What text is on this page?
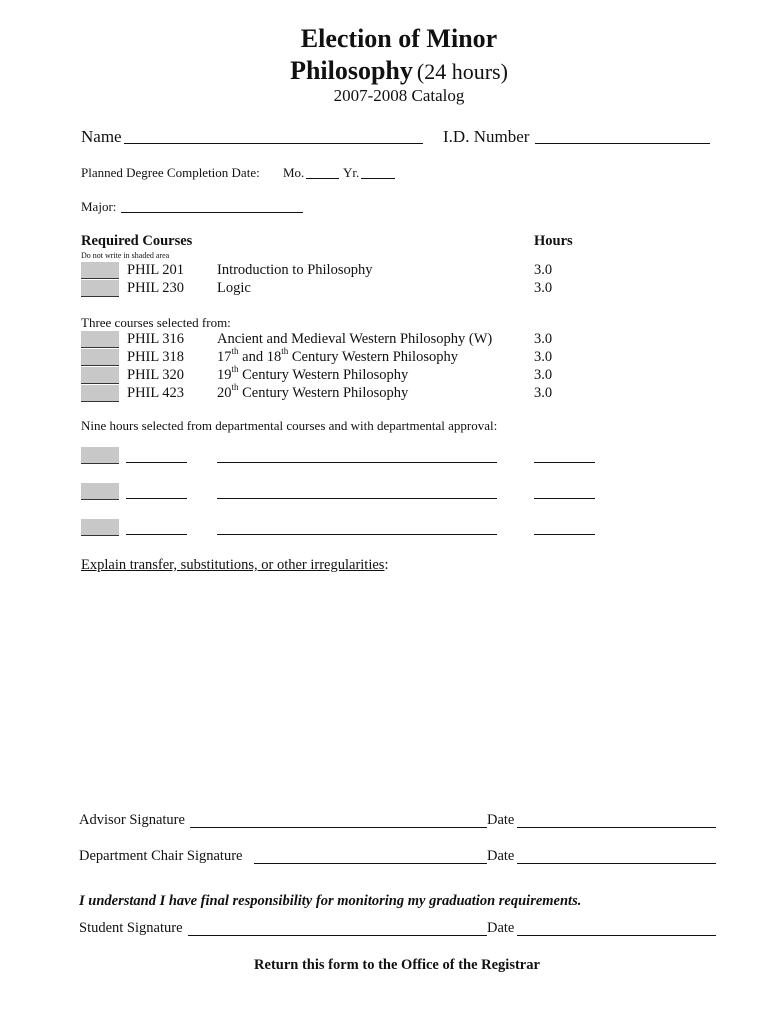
Election of Minor
Philosophy (24 hours)
2007-2008 Catalog
Name	I.D. Number
Planned Degree Completion Date: Mo.	Yr.
Major:
Required Courses	Hours
Do not write in shaded area
PHIL 201 Introduction to Philosophy	3.0
PHIL 230 Logic	3.0
Three courses selected from:
PHIL 316 Ancient and Medieval Western Philosophy (W)	3.0
PHIL 318 17th and 18th Century Western Philosophy	3.0
PHIL 320 19th Century Western Philosophy	3.0
PHIL 423 20th Century Western Philosophy	3.0
Nine hours selected from departmental courses and with departmental approval:
Explain transfer, substitutions, or other irregularities:
Advisor Signature	Date
Department Chair Signature	Date
I understand I have final responsibility for monitoring my graduation requirements.
Student Signature	Date
Return this form to the Office of the Registrar
